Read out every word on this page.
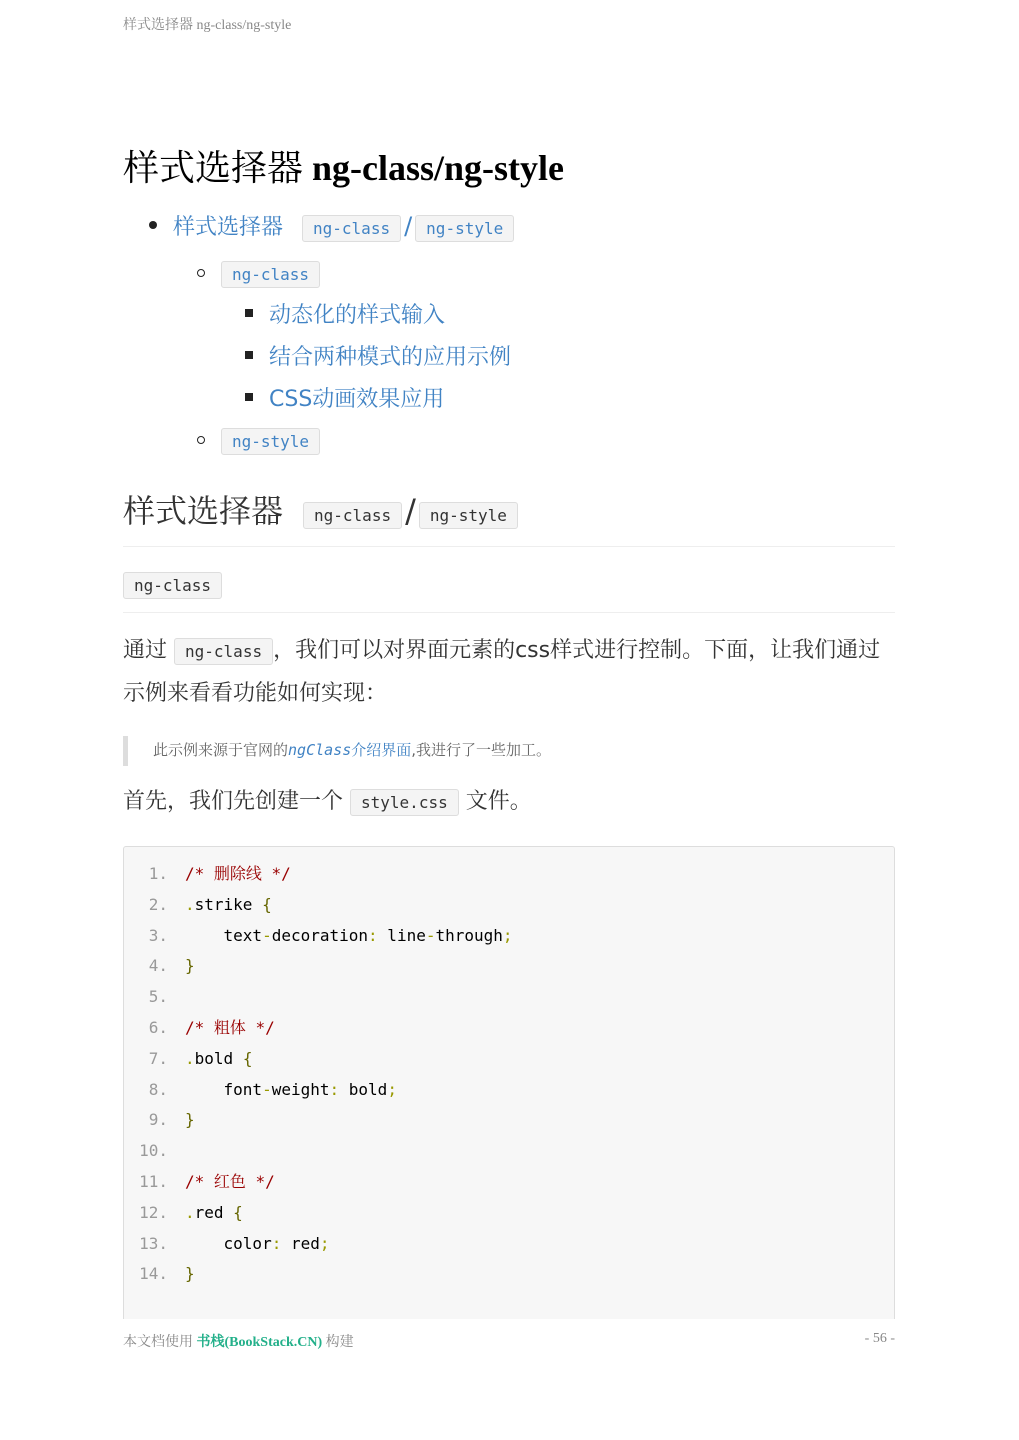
样式选择器 ng-class/ng-style
样式选择器 ng-class/ng-style
样式选择器 ng-class / ng-style
ng-class
动态化的样式输入
结合两种模式的应用示例
CSS动画效果应用
ng-style
样式选择器	ng-class / ng-style
ng-class
通过 ng-class ，我们可以对界面元素的css样式进行控制。下面，让我们通过示例来看看功能如何实现：
此示例来源于官网的ngClass介绍界面,我进行了一些加工。
首先，我们先创建一个 style.css 文件。
1. /* 删除线 */
2. .strike {
3. text-decoration: line-through;
4. }
5.
6. /* 粗体 */
7. .bold {
8. font-weight: bold;
9. }
10.
11. /* 红色 */
12. .red {
13. color: red;
14. }
本文档使用 书栈(BookStack.CN) 构建	- 56 -
